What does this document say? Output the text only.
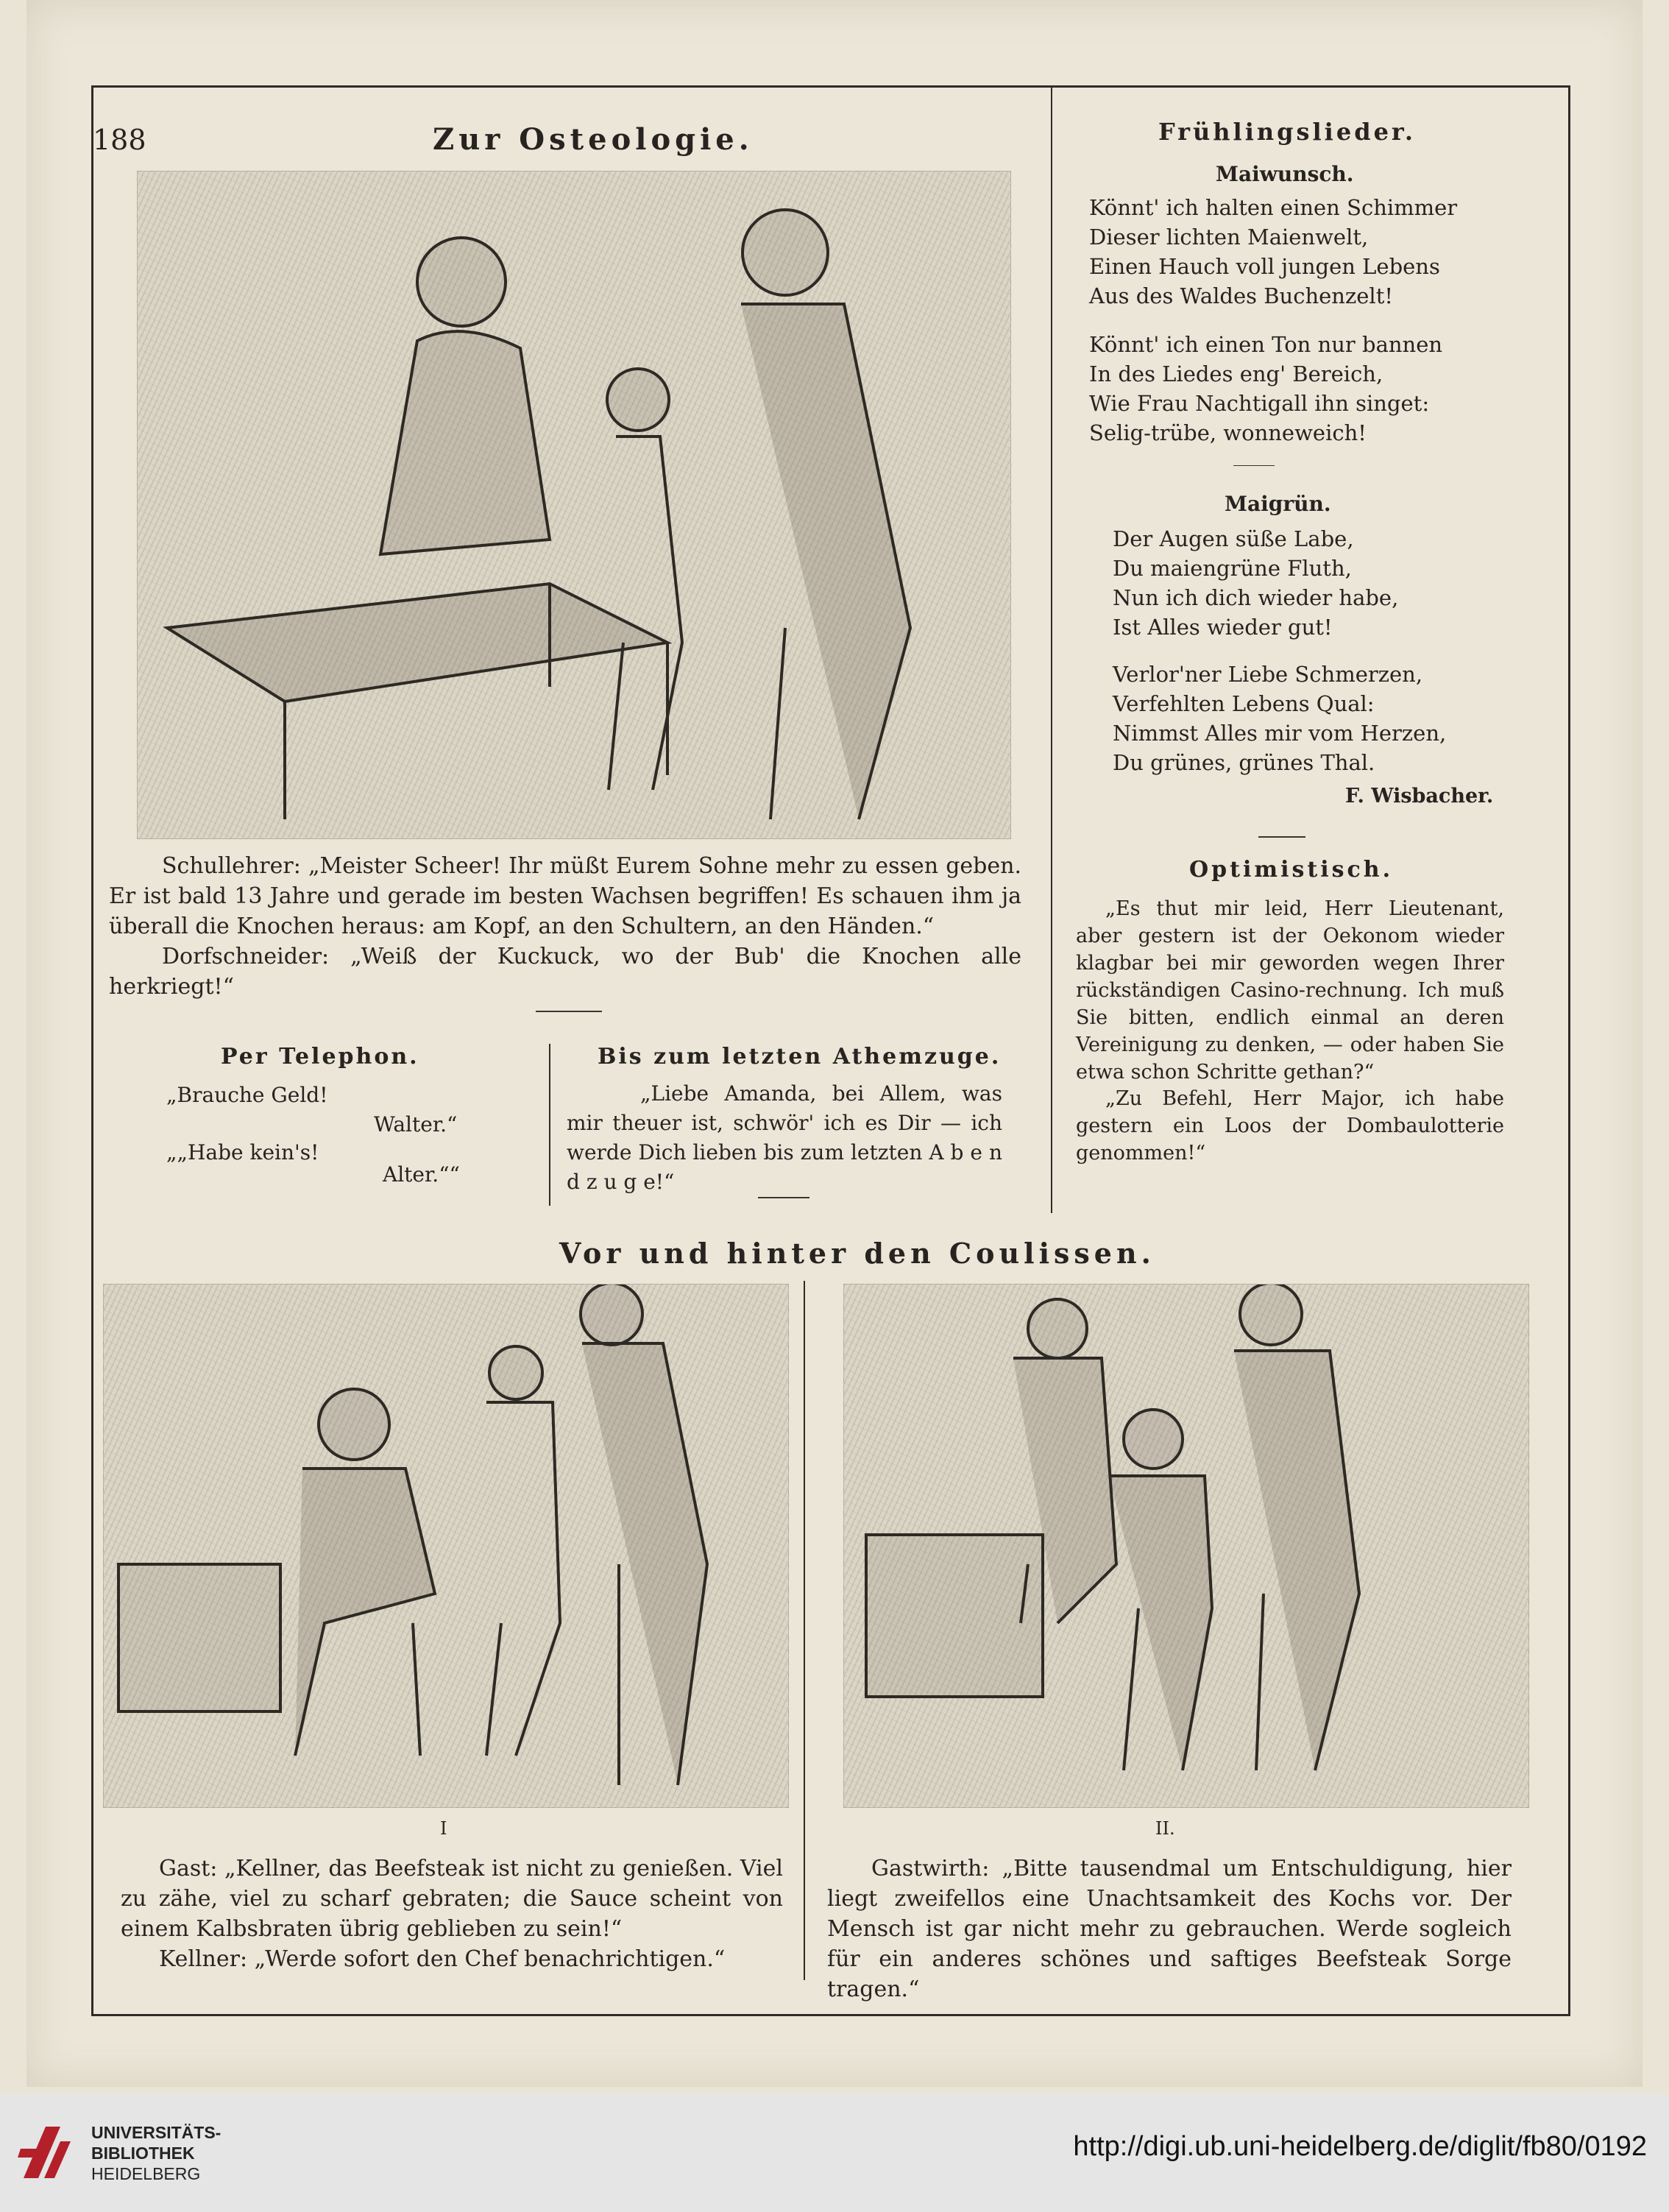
188	Zur Osteologie.
Schullehrer: „Meister Scheer! Ihr müßt Eurem Sohne mehr zu essen geben. Er ist bald 13 Jahre und gerade im besten Wachsen begriffen! Es schauen ihm ja überall die Knochen heraus: am Kopf, an den Schultern, an den Händen.“
Dorfschneider: „Weiß der Kuckuck, wo der Bub' die Knochen alle herkriegt!“
Per Telephon.
„Brauche Geld!
Walter.“
„„Habe kein's!
Alter.““
Bis zum letzten Athemzuge.
„Liebe Amanda, bei Allem, was mir theuer ist, schwör' ich es Dir — ich werde Dich lieben bis zum letzten A b e n d z u g e!“
Frühlingslieder.
Maiwunsch.
Könnt' ich halten einen Schimmer
Dieser lichten Maienwelt,
Einen Hauch voll jungen Lebens
Aus des Waldes Buchenzelt!
Könnt' ich einen Ton nur bannen
In des Liedes eng' Bereich,
Wie Frau Nachtigall ihn singet:
Selig-trübe, wonneweich!
Maigrün.
Der Augen süße Labe,
Du maiengrüne Fluth,
Nun ich dich wieder habe,
Ist Alles wieder gut!
Verlor'ner Liebe Schmerzen,
Verfehlten Lebens Qual:
Nimmst Alles mir vom Herzen,
Du grünes, grünes Thal.
F. Wisbacher.
Optimistisch.
„Es thut mir leid, Herr Lieutenant, aber gestern ist der Oekonom wieder klagbar bei mir geworden wegen Ihrer rückständigen Casino-rechnung. Ich muß Sie bitten, endlich einmal an deren Vereinigung zu denken, — oder haben Sie etwa schon Schritte gethan?“
„Zu Befehl, Herr Major, ich habe gestern ein Loos der Dombaulotterie genommen!“
Vor und hinter den Coulissen.
I	II.
Gast: „Kellner, das Beefsteak ist nicht zu genießen. Viel zu zähe, viel zu scharf gebraten; die Sauce scheint von einem Kalbsbraten übrig geblieben zu sein!“
Kellner: „Werde sofort den Chef benachrichtigen.“
Gastwirth: „Bitte tausendmal um Entschuldigung, hier liegt zweifellos eine Unachtsamkeit des Kochs vor. Der Mensch ist gar nicht mehr zu gebrauchen. Werde sogleich für ein anderes schönes und saftiges Beefsteak Sorge tragen.“
UNIVERSITÄTS-
BIBLIOTHEK
HEIDELBERG
http://digi.ub.uni-heidelberg.de/diglit/fb80/0192
